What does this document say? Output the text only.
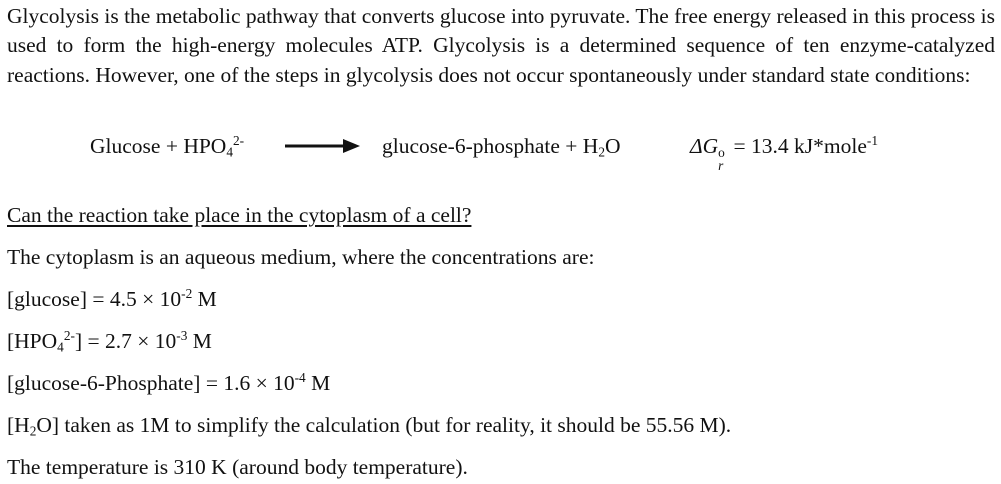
Glycolysis is the metabolic pathway that converts glucose into pyruvate. The free energy released in this process is used to form the high-energy molecules ATP. Glycolysis is a determined sequence of ten enzyme-catalyzed reactions. However, one of the steps in glycolysis does not occur spontaneously under standard state conditions:

$Glucose + HPO_4^{2-}$ → glucose-6-phosphate + $H_2O$	ΔG o
r
= 13.4 kJ*mole$^{-1}$
Can the reaction take place in the cytoplasm of a cell?
The cytoplasm is an aqueous medium, where the concentrations are:
$[glucose] = 4.5 \times 10^{-2}$ M
$[HPO_4^{2-}] = 2.7 \times 10^{-3}$ M
[glucose-6-Phosphate] = $1.6 \times 10^{-4}$ M
$[H_2O]$ taken as 1M to simplify the calculation (but for reality, it should be 55.56 M).
The temperature is 310 K (around body temperature).
